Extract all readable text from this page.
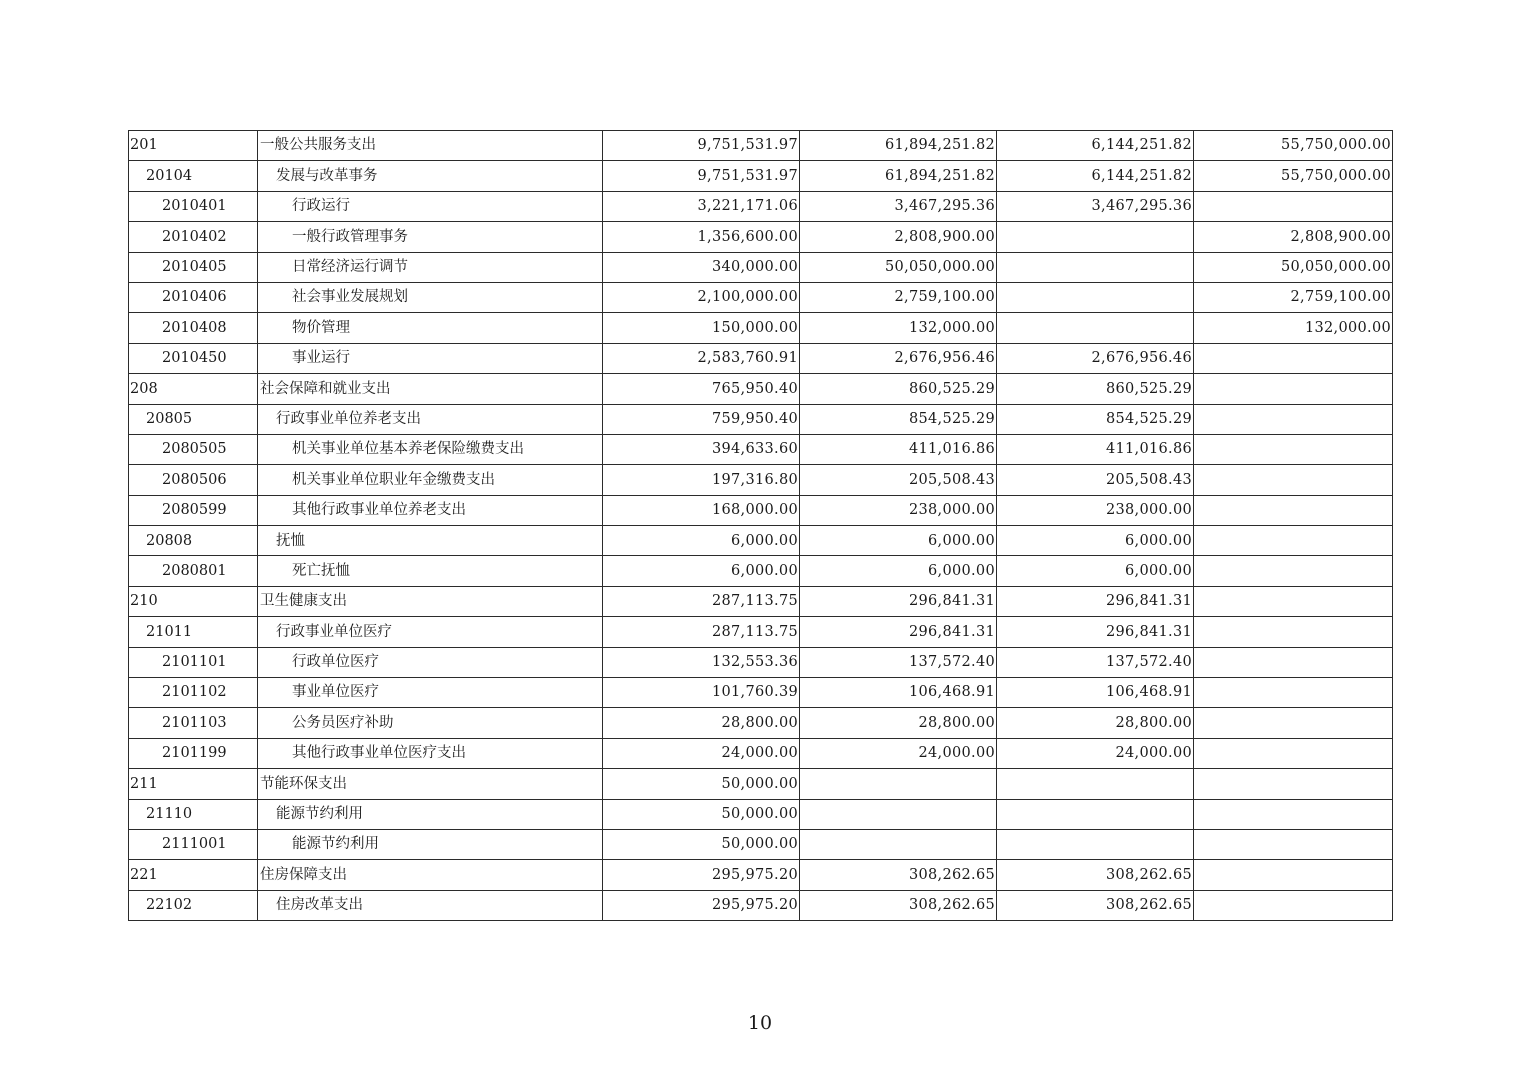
201	一般公共服务支出	9,751,531.97	61,894,251.82	6,144,251.82	55,750,000.00
20104	发展与改革事务	9,751,531.97	61,894,251.82	6,144,251.82	55,750,000.00
2010401	行政运行	3,221,171.06	3,467,295.36	3,467,295.36	
2010402	一般行政管理事务	1,356,600.00	2,808,900.00		2,808,900.00
2010405	日常经济运行调节	340,000.00	50,050,000.00		50,050,000.00
2010406	社会事业发展规划	2,100,000.00	2,759,100.00		2,759,100.00
2010408	物价管理	150,000.00	132,000.00		132,000.00
2010450	事业运行	2,583,760.91	2,676,956.46	2,676,956.46	
208	社会保障和就业支出	765,950.40	860,525.29	860,525.29	
20805	行政事业单位养老支出	759,950.40	854,525.29	854,525.29	
2080505	机关事业单位基本养老保险缴费支出	394,633.60	411,016.86	411,016.86	
2080506	机关事业单位职业年金缴费支出	197,316.80	205,508.43	205,508.43	
2080599	其他行政事业单位养老支出	168,000.00	238,000.00	238,000.00	
20808	抚恤	6,000.00	6,000.00	6,000.00	
2080801	死亡抚恤	6,000.00	6,000.00	6,000.00	
210	卫生健康支出	287,113.75	296,841.31	296,841.31	
21011	行政事业单位医疗	287,113.75	296,841.31	296,841.31	
2101101	行政单位医疗	132,553.36	137,572.40	137,572.40	
2101102	事业单位医疗	101,760.39	106,468.91	106,468.91	
2101103	公务员医疗补助	28,800.00	28,800.00	28,800.00	
2101199	其他行政事业单位医疗支出	24,000.00	24,000.00	24,000.00	
211	节能环保支出	50,000.00			
21110	能源节约利用	50,000.00			
2111001	能源节约利用	50,000.00			
221	住房保障支出	295,975.20	308,262.65	308,262.65	
22102	住房改革支出	295,975.20	308,262.65	308,262.65	
10
